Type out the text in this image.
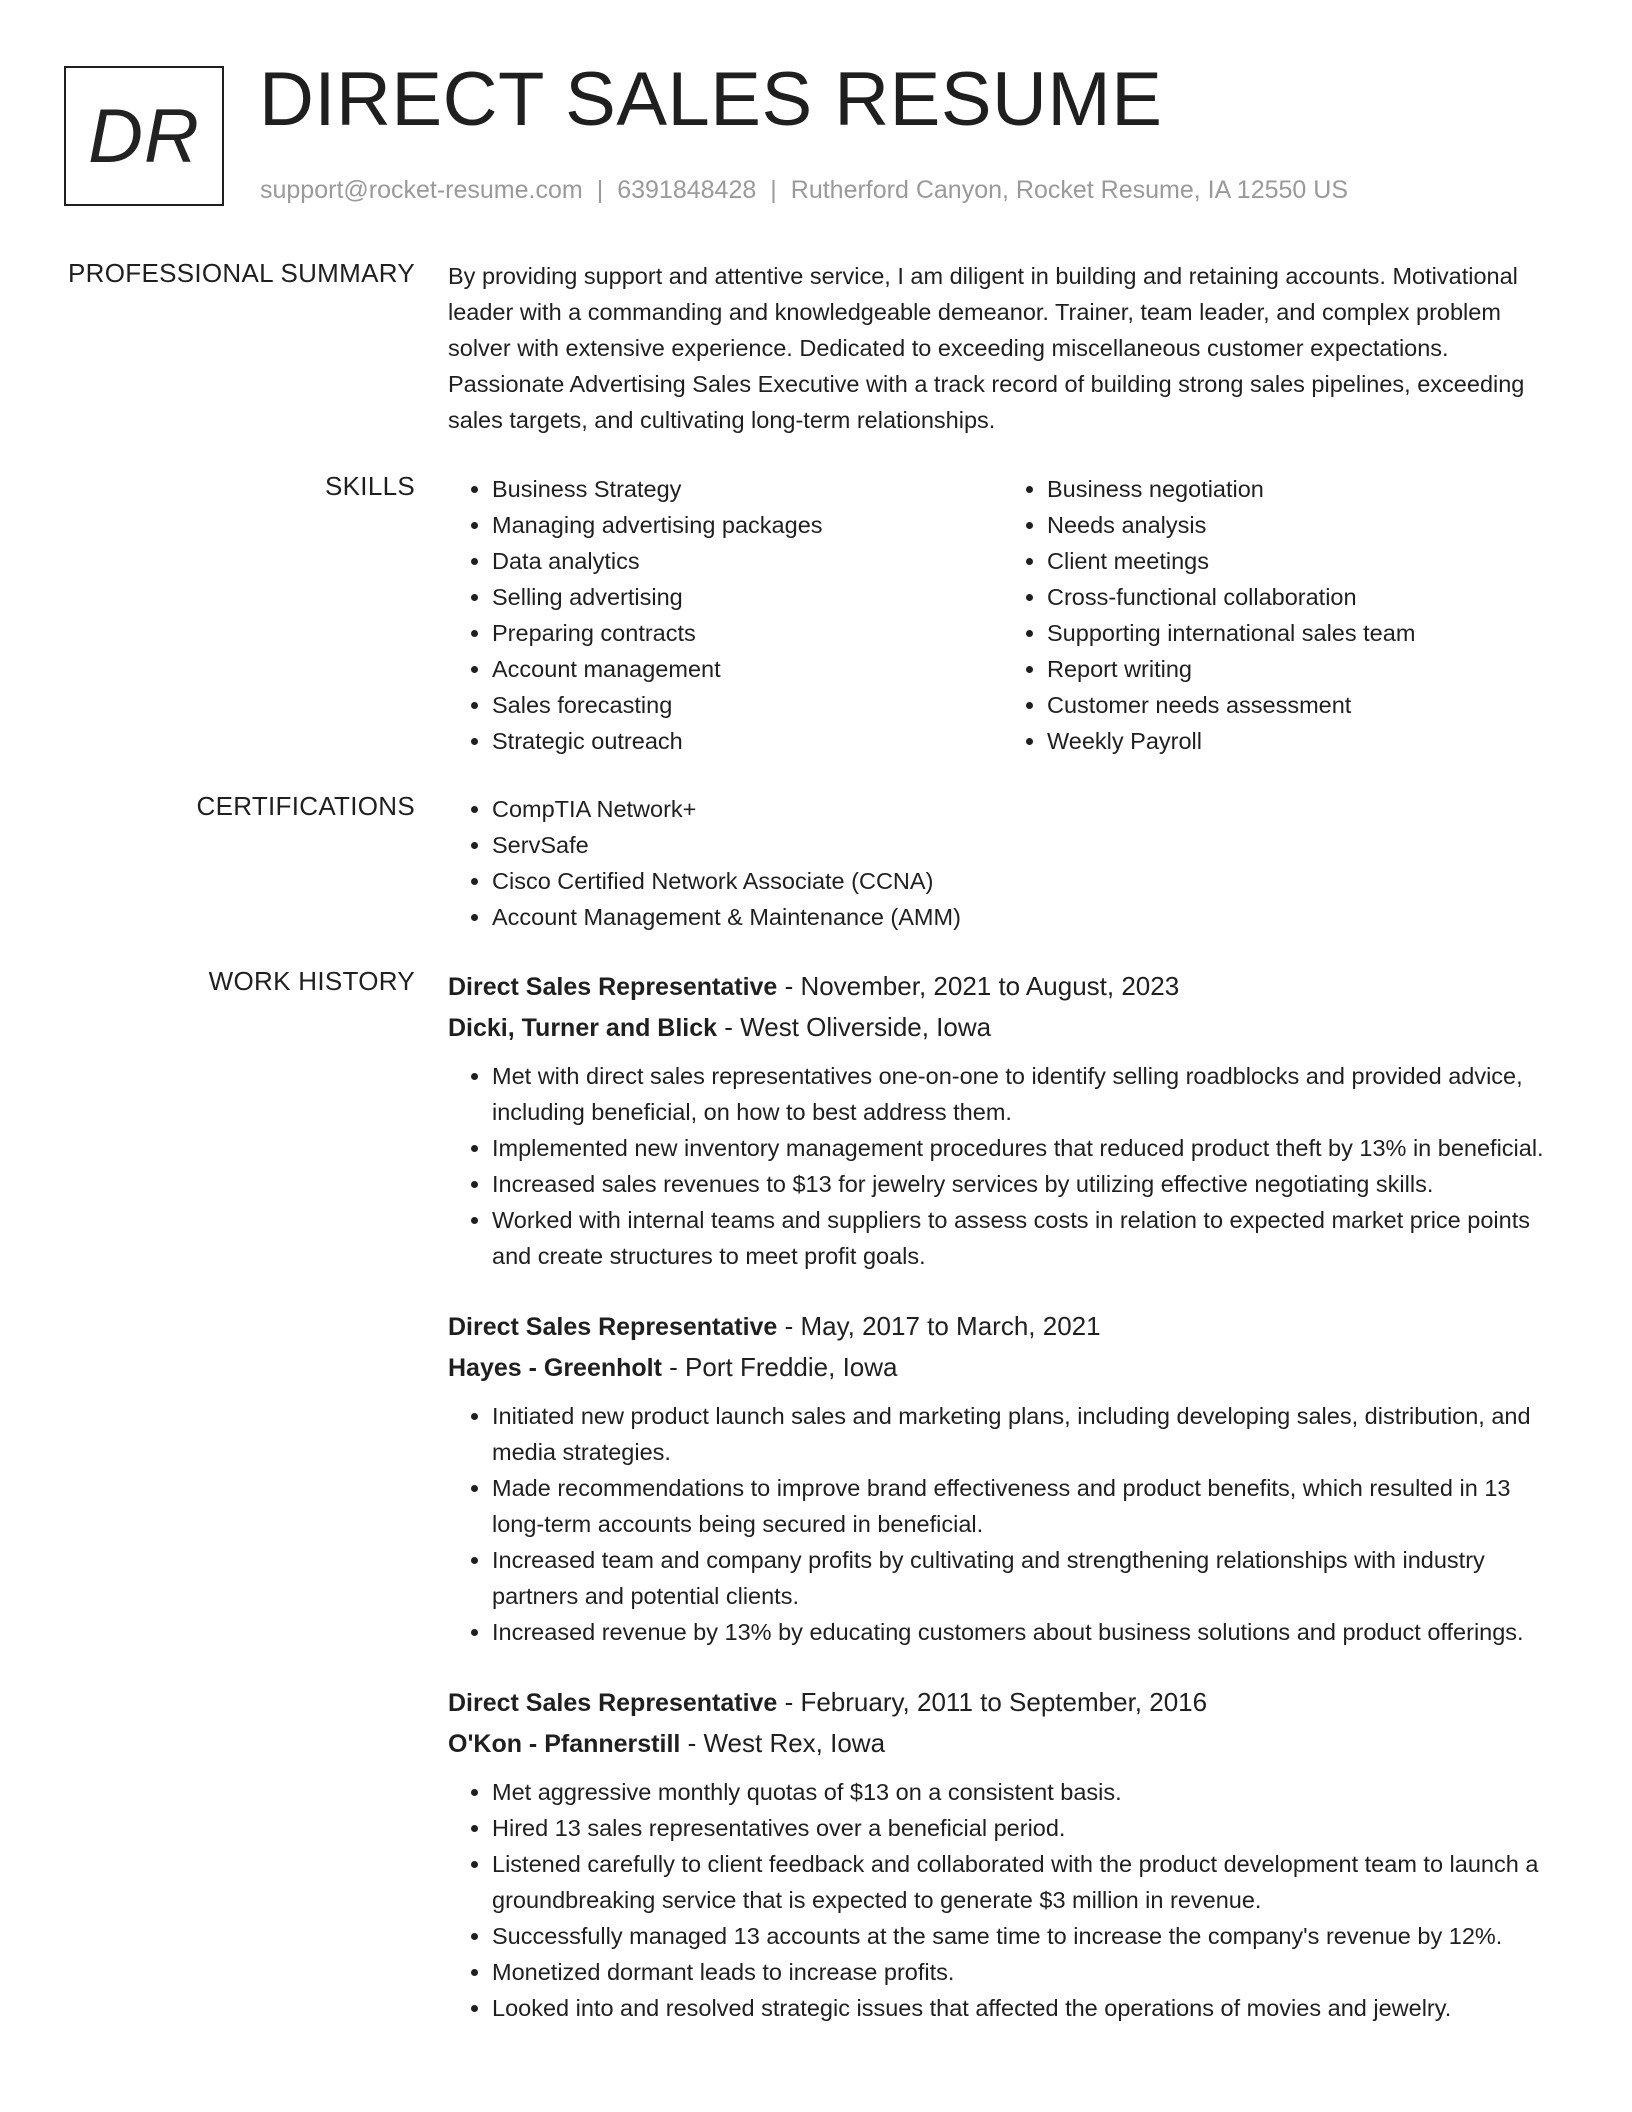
DR DIRECT SALES RESUME
support@rocket-resume.com | 6391848428 | Rutherford Canyon, Rocket Resume, IA 12550 US
PROFESSIONAL SUMMARY By providing support and attentive service, I am diligent in building and retaining accounts. Motivational leader with a commanding and knowledgeable demeanor. Trainer, team leader, and complex problem solver with extensive experience. Dedicated to exceeding miscellaneous customer expectations. Passionate Advertising Sales Executive with a track record of building strong sales pipelines, exceeding sales targets, and cultivating long-term relationships.
SKILLS	• Business Strategy
• Managing advertising packages
• Data analytics
• Selling advertising
• Preparing contracts
• Account management
• Sales forecasting
• Strategic outreach
• Business negotiation
• Needs analysis
• Client meetings
• Cross-functional collaboration
• Supporting international sales team
• Report writing
• Customer needs assessment
• Weekly Payroll
CERTIFICATIONS	• CompTIA Network+
• ServSafe
• Cisco Certified Network Associate (CCNA)
• Account Management & Maintenance (AMM)
WORK HISTORY Direct Sales Representative - November, 2021 to August, 2023
Dicki, Turner and Blick - West Oliverside, Iowa
• Met with direct sales representatives one-on-one to identify selling roadblocks and provided advice, including beneficial, on how to best address them.
• Implemented new inventory management procedures that reduced product theft by 13% in beneficial.
• Increased sales revenues to $13 for jewelry services by utilizing effective negotiating skills.
• Worked with internal teams and suppliers to assess costs in relation to expected market price points and create structures to meet profit goals.
Direct Sales Representative - May, 2017 to March, 2021
Hayes - Greenholt - Port Freddie, Iowa
• Initiated new product launch sales and marketing plans, including developing sales, distribution, and media strategies.
• Made recommendations to improve brand effectiveness and product benefits, which resulted in 13 long-term accounts being secured in beneficial.
• Increased team and company profits by cultivating and strengthening relationships with industry partners and potential clients.
• Increased revenue by 13% by educating customers about business solutions and product offerings.
Direct Sales Representative - February, 2011 to September, 2016
O'Kon - Pfannerstill - West Rex, Iowa
• Met aggressive monthly quotas of $13 on a consistent basis.
• Hired 13 sales representatives over a beneficial period.
• Listened carefully to client feedback and collaborated with the product development team to launch a groundbreaking service that is expected to generate $3 million in revenue.
• Successfully managed 13 accounts at the same time to increase the company's revenue by 12%.
• Monetized dormant leads to increase profits.
• Looked into and resolved strategic issues that affected the operations of movies and jewelry.
